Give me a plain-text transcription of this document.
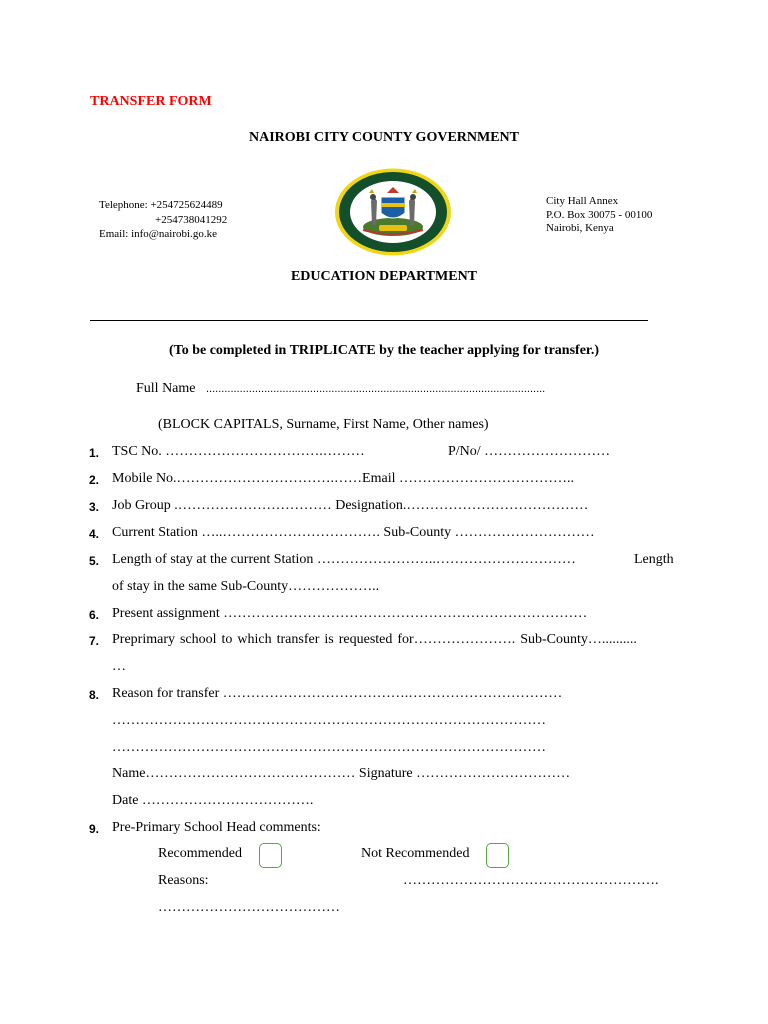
TRANSFER FORM
NAIROBI CITY COUNTY GOVERNMENT
Telephone: +254725624489
+254738041292
Email: info@nairobi.go.ke
City Hall Annex
P.O. Box 30075 - 00100
Nairobi, Kenya
EDUCATION DEPARTMENT
(To be completed in TRIPLICATE by the teacher applying for transfer.)
Full Name ...............................................................................................................
(BLOCK CAPITALS, Surname, First Name, Other names)
1. TSC No. …………………………….………	P/No/ ………………………
2. Mobile No.…………………………….……Email ………………………………..
3. Job Group .…………………………… Designation.…………………………………
4. Current Station …..……………………………. Sub-County …………………………
5. Length of stay at the current Station ……………………..…………………………	Length
of stay in the same Sub-County………………..
6. Present assignment ……………………………………………………………………
7. Preprimary school to which transfer is requested for…………………. Sub-County…..........
…
8. Reason for transfer ………………………………….……………………………
…………………………………………………………………………………
…………………………………………………………………………………
Name……………………………………… Signature ……………………………
Date ……………………………….
9. Pre-Primary School Head comments:
Recommended	Not Recommended
Reasons:	……………………………………………….
…………………………………
